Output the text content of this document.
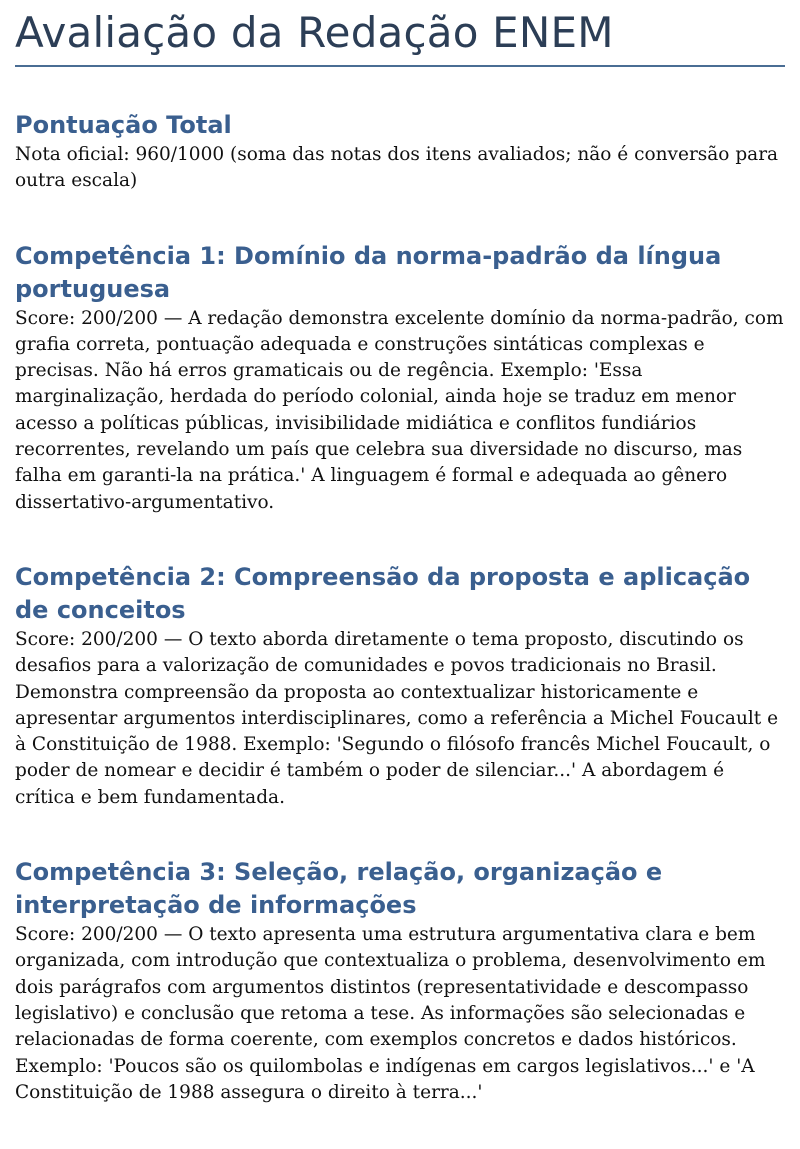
Avaliação da Redação ENEM
Pontuação Total

Nota oficial: 960/1000 (soma das notas dos itens avaliados; não é conversão para outra escala)

Competência 1: Domínio da norma-padrão da língua portuguesa

Score: 200/200 — A redação demonstra excelente domínio da norma-padrão, com grafia correta, pontuação adequada e construções sintáticas complexas e precisas. Não há erros gramaticais ou de regência. Exemplo: 'Essa marginalização, herdada do período colonial, ainda hoje se traduz em menor acesso a políticas públicas, invisibilidade midiática e conflitos fundiários recorrentes, revelando um país que celebra sua diversidade no discurso, mas falha em garanti-la na prática.' A linguagem é formal e adequada ao gênero dissertativo-argumentativo.

Competência 2: Compreensão da proposta e aplicação de conceitos

Score: 200/200 — O texto aborda diretamente o tema proposto, discutindo os desafios para a valorização de comunidades e povos tradicionais no Brasil. Demonstra compreensão da proposta ao contextualizar historicamente e apresentar argumentos interdisciplinares, como a referência a Michel Foucault e à Constituição de 1988. Exemplo: 'Segundo o filósofo francês Michel Foucault, o poder de nomear e decidir é também o poder de silenciar...' A abordagem é crítica e bem fundamentada.

Competência 3: Seleção, relação, organização e interpretação de informações

Score: 200/200 — O texto apresenta uma estrutura argumentativa clara e bem organizada, com introdução que contextualiza o problema, desenvolvimento em dois parágrafos com argumentos distintos (representatividade e descompasso legislativo) e conclusão que retoma a tese. As informações são selecionadas e relacionadas de forma coerente, com exemplos concretos e dados históricos. Exemplo: 'Poucos são os quilombolas e indígenas em cargos legislativos...' e 'A Constituição de 1988 assegura o direito à terra...'
